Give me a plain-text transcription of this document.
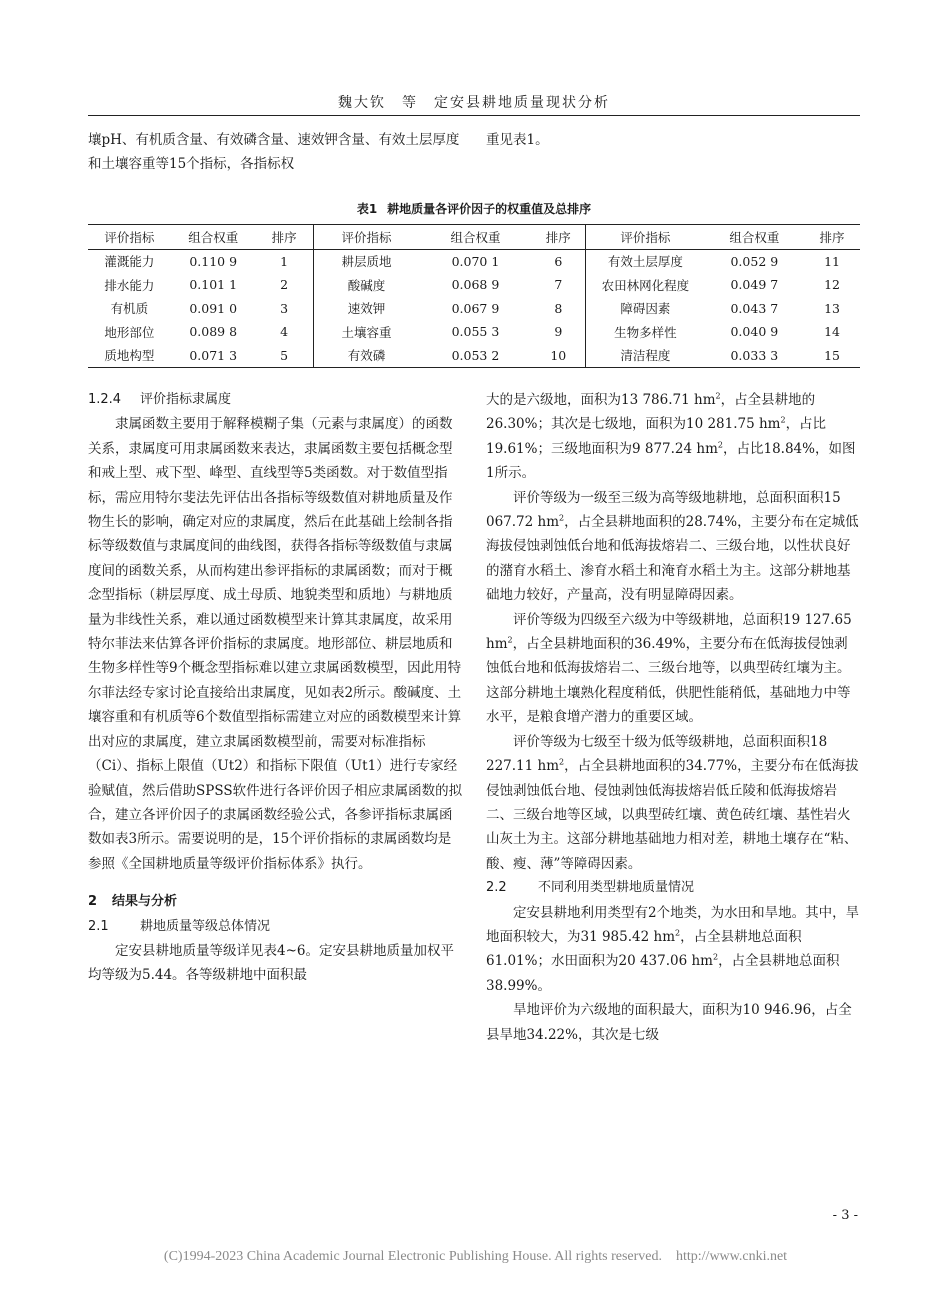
魏大钦　等　 定安县耕地质量现状分析

壤pH、有机质含量、有效磷含量、速效钾含量、有效土层厚度和土壤容重等15个指标，各指标权

重见表1。

表1 耕地质量各评价因子的权重值及总排序
评价指标	组合权重	排序	评价指标	组合权重	排序	评价指标	组合权重	排序
灌溉能力	0.110 9	1	耕层质地	0.070 1	6	有效土层厚度	0.052 9	11
排水能力	0.101 1	2	酸碱度	0.068 9	7	农田林网化程度	0.049 7	12
有机质	0.091 0	3	速效钾	0.067 9	8	障碍因素	0.043 7	13
地形部位	0.089 8	4	土壤容重	0.055 3	9	生物多样性	0.040 9	14
质地构型	0.071 3	5	有效磷	0.053 2	10	清洁程度	0.033 3	15

1.2.4 评价指标隶属度

隶属函数主要用于解释模糊子集（元素与隶属度）的函数关系，隶属度可用隶属函数来表达，隶属函数主要包括概念型和戒上型、戒下型、峰型、直线型等5类函数。对于数值型指标，需应用特尔斐法先评估出各指标等级数值对耕地质量及作物生长的影响，确定对应的隶属度，然后在此基础上绘制各指标等级数值与隶属度间的曲线图，获得各指标等级数值与隶属度间的函数关系，从而构建出参评指标的隶属函数；而对于概念型指标（耕层厚度、成土母质、地貌类型和质地）与耕地质量为非线性关系，难以通过函数模型来计算其隶属度，故采用特尔菲法来估算各评价指标的隶属度。地形部位、耕层地质和生物多样性等9个概念型指标难以建立隶属函数模型，因此用特尔菲法经专家讨论直接给出隶属度，见如表2所示。酸碱度、土壤容重和有机质等6个数值型指标需建立对应的函数模型来计算出对应的隶属度，建立隶属函数模型前，需要对标准指标（Ci）、指标上限值（Ut2）和指标下限值（Ut1）进行专家经验赋值，然后借助SPSS软件进行各评价因子相应隶属函数的拟合，建立各评价因子的隶属函数经验公式，各参评指标隶属函数如表3所示。需要说明的是，15个评价指标的隶属函数均是参照《全国耕地质量等级评价指标体系》执行。

2 结果与分析

2.1 耕地质量等级总体情况

定安县耕地质量等级详见表4~6。定安县耕地质量加权平均等级为5.44。各等级耕地中面积最

大的是六级地，面积为13 786.71 $hm^2$，占全县耕地的26.30%；其次是七级地，面积为10 281.75 $hm^2$，占比19.61%；三级地面积为9 877.24 $hm^2$，占比18.84%，如图1所示。

评价等级为一级至三级为高等级地耕地，总面积面积15 067.72 $hm^2$，占全县耕地面积的28.74%，主要分布在定城低海拔侵蚀剥蚀低台地和低海拔熔岩二、三级台地，以性状良好的潴育水稻土、渗育水稻土和淹育水稻土为主。这部分耕地基础地力较好，产量高，没有明显障碍因素。

评价等级为四级至六级为中等级耕地，总面积19 127.65 $hm^2$，占全县耕地面积的36.49%，主要分布在低海拔侵蚀剥蚀低台地和低海拔熔岩二、三级台地等，以典型砖红壤为主。这部分耕地土壤熟化程度稍低，供肥性能稍低，基础地力中等水平，是粮食增产潜力的重要区域。

评价等级为七级至十级为低等级耕地，总面积面积18 227.11 $hm^2$，占全县耕地面积的34.77%，主要分布在低海拔侵蚀剥蚀低台地、侵蚀剥蚀低海拔熔岩低丘陵和低海拔熔岩二、三级台地等区域，以典型砖红壤、黄色砖红壤、基性岩火山灰土为主。这部分耕地基础地力相对差，耕地土壤存在“粘、酸、瘦、薄”等障碍因素。

2.2 不同利用类型耕地质量情况

定安县耕地利用类型有2个地类，为水田和旱地。其中，旱地面积较大，为31 985.42 $hm^2$，占全县耕地总面积61.01%；水田面积为20 437.06 $hm^2$，占全县耕地总面积38.99%。

旱地评价为六级地的面积最大，面积为10 946.96，占全县旱地34.22%，其次是七级

- 3 -
(C)1994-2023 China Academic Journal Electronic Publishing House. All rights reserved.　http://www.cnki.net
